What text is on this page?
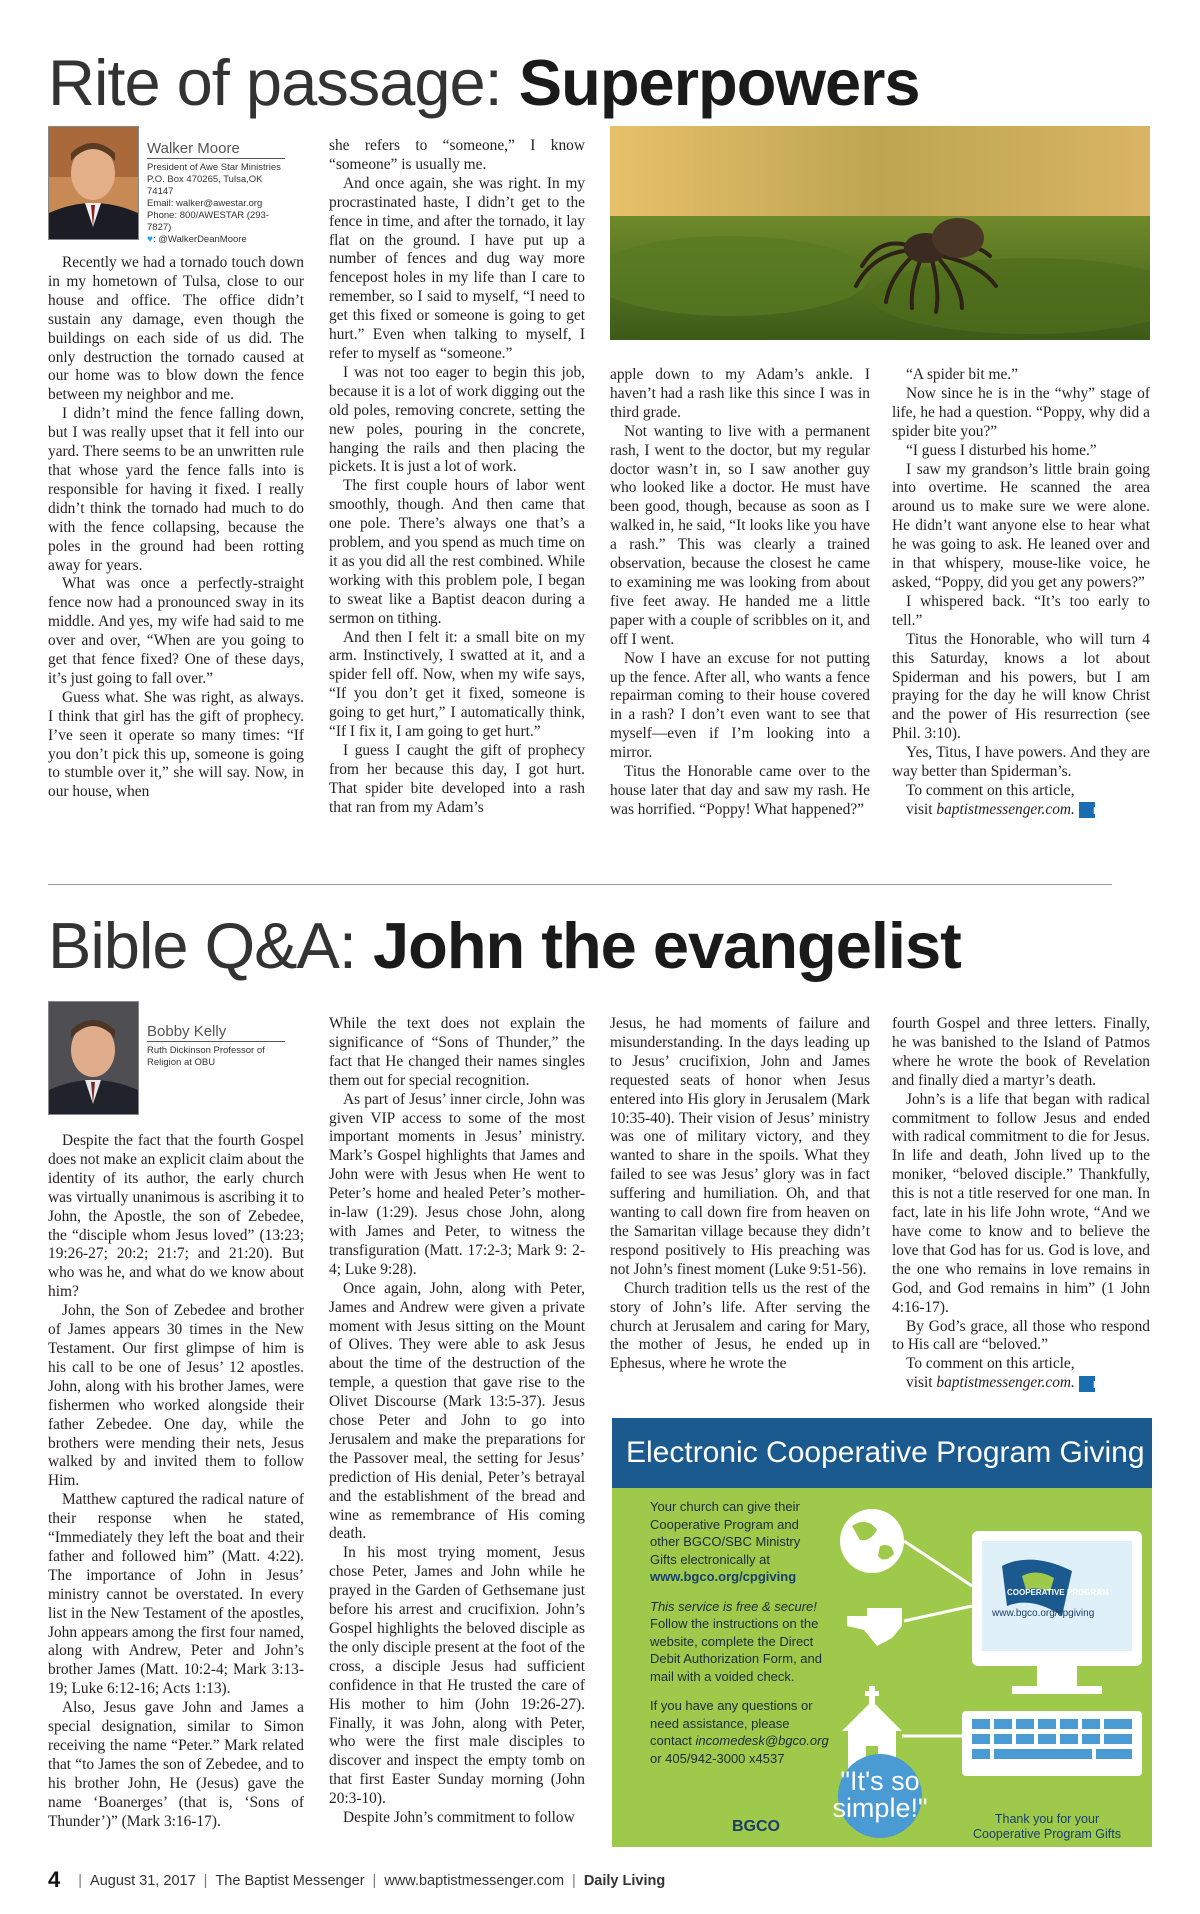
Rite of passage: Superpowers
Walker Moore
President of Awe Star Ministries
P.O. Box 470265, Tulsa,OK 74147
Email: walker@awestar.org
Phone: 800/AWESTAR (293-7827)
♥: @WalkerDeanMoore

Recently we had a tornado touch down in my hometown of Tulsa, close to our house and office. The office didn’t sustain any damage, even though the buildings on each side of us did. The only destruction the tornado caused at our home was to blow down the fence between my neighbor and me.

I didn’t mind the fence falling down, but I was really upset that it fell into our yard. There seems to be an unwritten rule that whose yard the fence falls into is responsible for having it fixed. I really didn’t think the tornado had much to do with the fence collapsing, because the poles in the ground had been rotting away for years.

What was once a perfectly-straight fence now had a pronounced sway in its middle. And yes, my wife had said to me over and over, “When are you going to get that fence fixed? One of these days, it’s just going to fall over.”

Guess what. She was right, as always. I think that girl has the gift of prophecy. I’ve seen it operate so many times: “If you don’t pick this up, someone is going to stumble over it,” she will say. Now, in our house, when

she refers to “someone,” I know “someone” is usually me.

And once again, she was right. In my procrastinated haste, I didn’t get to the fence in time, and after the tornado, it lay flat on the ground. I have put up a number of fences and dug way more fencepost holes in my life than I care to remember, so I said to myself, “I need to get this fixed or someone is going to get hurt.” Even when talking to myself, I refer to myself as “someone.”

I was not too eager to begin this job, because it is a lot of work digging out the old poles, removing concrete, setting the new poles, pouring in the concrete, hanging the rails and then placing the pickets. It is just a lot of work.

The first couple hours of labor went smoothly, though. And then came that one pole. There’s always one that’s a problem, and you spend as much time on it as you did all the rest combined. While working with this problem pole, I began to sweat like a Baptist deacon during a sermon on tithing.

And then I felt it: a small bite on my arm. Instinctively, I swatted at it, and a spider fell off. Now, when my wife says, “If you don’t get it fixed, someone is going to get hurt,” I automatically think, “If I fix it, I am going to get hurt.”

I guess I caught the gift of prophecy from her because this day, I got hurt. That spider bite developed into a rash that ran from my Adam’s

apple down to my Adam’s ankle. I haven’t had a rash like this since I was in third grade.

Not wanting to live with a permanent rash, I went to the doctor, but my regular doctor wasn’t in, so I saw another guy who looked like a doctor. He must have been good, though, because as soon as I walked in, he said, “It looks like you have a rash.” This was clearly a trained observation, because the closest he came to examining me was looking from about five feet away. He handed me a little paper with a couple of scribbles on it, and off I went.

Now I have an excuse for not putting up the fence. After all, who wants a fence repairman coming to their house covered in a rash? I don’t even want to see that myself—even if I’m looking into a mirror.

Titus the Honorable came over to the house later that day and saw my rash. He was horrified. “Poppy! What happened?”

“A spider bit me.”

Now since he is in the “why” stage of life, he had a question. “Poppy, why did a spider bite you?”

“I guess I disturbed his home.”

I saw my grandson’s little brain going into overtime. He scanned the area around us to make sure we were alone. He didn’t want anyone else to hear what he was going to ask. He leaned over and in that whispery, mouse-like voice, he asked, “Poppy, did you get any powers?”

I whispered back. “It’s too early to tell.”

Titus the Honorable, who will turn 4 this Saturday, knows a lot about Spiderman and his powers, but I am praying for the day he will know Christ and the power of His resurrection (see Phil. 3:10).

Yes, Titus, I have powers. And they are way better than Spiderman’s.

To comment on this article,

visit baptistmessenger.com. m

Bible Q&A: John the evangelist
Bobby Kelly
Ruth Dickinson Professor of
Religion at OBU

Despite the fact that the fourth Gospel does not make an explicit claim about the identity of its author, the early church was virtually unanimous is ascribing it to John, the Apostle, the son of Zebedee, the “disciple whom Jesus loved” (13:23; 19:26-27; 20:2; 21:7; and 21:20). But who was he, and what do we know about him?

John, the Son of Zebedee and brother of James appears 30 times in the New Testament. Our first glimpse of him is his call to be one of Jesus’ 12 apostles. John, along with his brother James, were fishermen who worked alongside their father Zebedee. One day, while the brothers were mending their nets, Jesus walked by and invited them to follow Him.

Matthew captured the radical nature of their response when he stated, “Immediately they left the boat and their father and followed him” (Matt. 4:22). The importance of John in Jesus’ ministry cannot be overstated. In every list in the New Testament of the apostles, John appears among the first four named, along with Andrew, Peter and John’s brother James (Matt. 10:2-4; Mark 3:13-19; Luke 6:12-16; Acts 1:13).

Also, Jesus gave John and James a special designation, similar to Simon receiving the name “Peter.” Mark related that “to James the son of Zebedee, and to his brother John, He (Jesus) gave the name ‘Boanerges’ (that is, ‘Sons of Thunder’)” (Mark 3:16-17).

While the text does not explain the significance of “Sons of Thunder,” the fact that He changed their names singles them out for special recognition.

As part of Jesus’ inner circle, John was given VIP access to some of the most important moments in Jesus’ ministry. Mark’s Gospel highlights that James and John were with Jesus when He went to Peter’s home and healed Peter’s mother-in-law (1:29). Jesus chose John, along with James and Peter, to witness the transfiguration (Matt. 17:2-3; Mark 9: 2-4; Luke 9:28).

Once again, John, along with Peter, James and Andrew were given a private moment with Jesus sitting on the Mount of Olives. They were able to ask Jesus about the time of the destruction of the temple, a question that gave rise to the Olivet Discourse (Mark 13:5-37). Jesus chose Peter and John to go into Jerusalem and make the preparations for the Passover meal, the setting for Jesus’ prediction of His denial, Peter’s betrayal and the establishment of the bread and wine as remembrance of His coming death.

In his most trying moment, Jesus chose Peter, James and John while he prayed in the Garden of Gethsemane just before his arrest and crucifixion. John’s Gospel highlights the beloved disciple as the only disciple present at the foot of the cross, a disciple Jesus had sufficient confidence in that He trusted the care of His mother to him (John 19:26-27). Finally, it was John, along with Peter, who were the first male disciples to discover and inspect the empty tomb on that first Easter Sunday morning (John 20:3-10).

Despite John’s commitment to follow

Jesus, he had moments of failure and misunderstanding. In the days leading up to Jesus’ crucifixion, John and James requested seats of honor when Jesus entered into His glory in Jerusalem (Mark 10:35-40). Their vision of Jesus’ ministry was one of military victory, and they wanted to share in the spoils. What they failed to see was Jesus’ glory was in fact suffering and humiliation. Oh, and that wanting to call down fire from heaven on the Samaritan village because they didn’t respond positively to His preaching was not John’s finest moment (Luke 9:51-56).

Church tradition tells us the rest of the story of John’s life. After serving the church at Jerusalem and caring for Mary, the mother of Jesus, he ended up in Ephesus, where he wrote the

fourth Gospel and three letters. Finally, he was banished to the Island of Patmos where he wrote the book of Revelation and finally died a martyr’s death.

John’s is a life that began with radical commitment to follow Jesus and ended with radical commitment to die for Jesus. In life and death, John lived up to the moniker, “beloved disciple.” Thankfully, this is not a title reserved for one man. In fact, late in his life John wrote, “And we have come to know and to believe the love that God has for us. God is love, and the one who remains in love remains in God, and God remains in him” (1 John 4:16-17).

By God’s grace, all those who respond to His call are “beloved.”

To comment on this article,

visit baptistmessenger.com. m

Electronic Cooperative Program Giving

Your church can give their Cooperative Program and other BGCO/SBC Ministry Gifts electronically at
www.bgco.org/cpgiving

This service is free & secure! Follow the instructions on the website, complete the Direct Debit Authorization Form, and mail with a voided check.

If you have any questions or need assistance, please contact incomedesk@bgco.org
or 405/942-3000 x4537

COOPERATIVE PROGRAM
www.bgco.org/cpgiving
"It's so simple!"	Thank you for your Cooperative Program Gifts
BGCO
4 | August 31, 2017 | The Baptist Messenger | www.baptistmessenger.com | Daily Living
